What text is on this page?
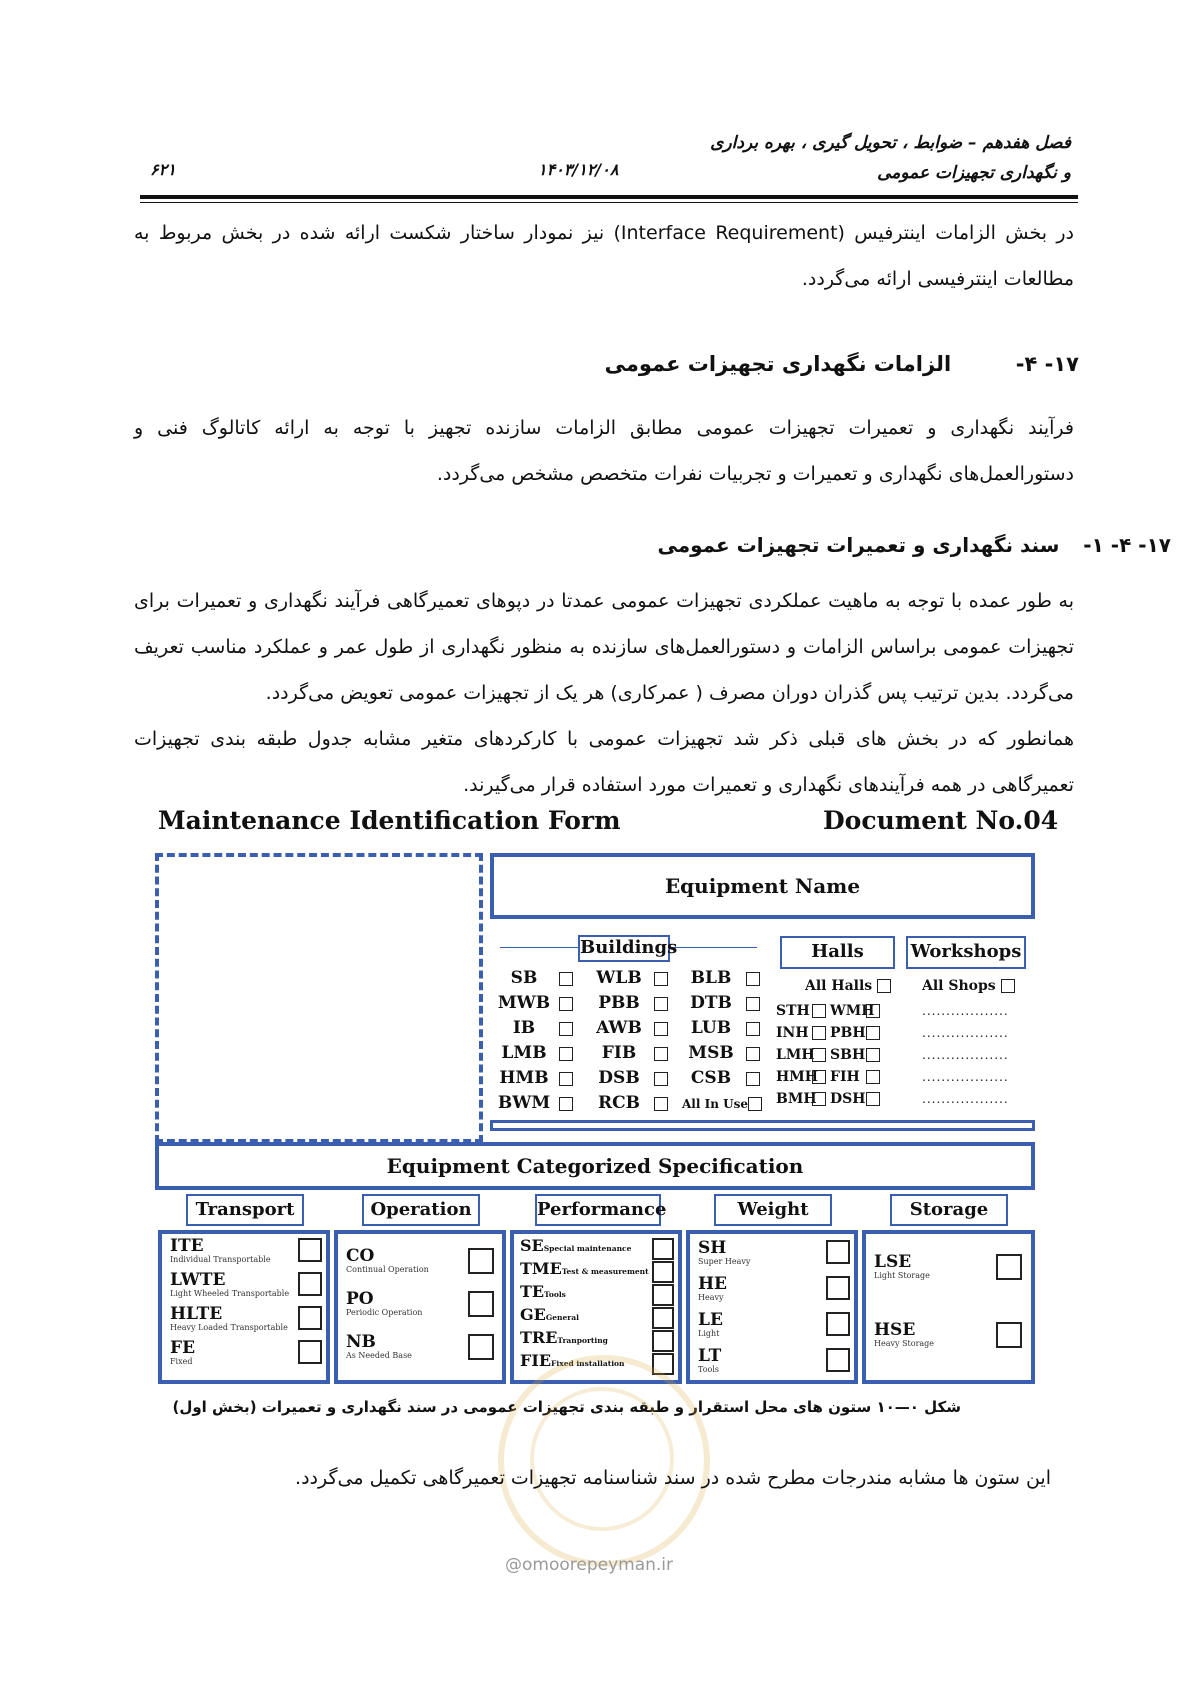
فصل هفدهم – ضوابط ، تحویل گیری ، بهره برداری
و نگهداری تجهیزات عمومی
۱۴۰۳/۱۲/۰۸
۶۲۱
در بخش الزامات اینترفیس (Interface Requirement) نیز نمودار ساختار شکست ارائه شده در بخش مربوط به مطالعات اینترفیسی ارائه می‌گردد.
۱۷- ۴-  الزامات نگهداری تجهیزات عمومی
فرآیند نگهداری و تعمیرات تجهیزات عمومی مطابق الزامات سازنده تجهیز با توجه به ارائه کاتالوگ فنی و دستورالعمل‌های نگهداری و تعمیرات و تجربیات نفرات متخصص مشخص می‌گردد.
۱۷- ۴- ۱-  سند نگهداری و تعمیرات تجهیزات عمومی
به طور عمده با توجه به ماهیت عملکردی تجهیزات عمومی عمدتا در دپوهای تعمیرگاهی فرآیند نگهداری و تعمیرات برای تجهیزات عمومی براساس الزامات و دستورالعمل‌های سازنده به منظور نگهداری از طول عمر و عملکرد مناسب تعریف می‌گردد. بدین ترتیب پس گذران دوران مصرف ( عمرکاری) هر یک از تجهیزات عمومی تعویض می‌گردد.
همانطور که در بخش های قبلی ذکر شد تجهیزات عمومی با کارکردهای متغیر مشابه جدول طبقه بندی تجهیزات تعمیرگاهی در همه فرآیندهای نگهداری و تعمیرات مورد استفاده قرار می‌گیرند.
Maintenance Identification Form	Document No.04
Equipment Name
Buildings	Halls	Workshops
SB	WLB	BLB
MWB	PBB	DTB
IB	AWB	LUB
LMB	FIB	MSB
HMB	DSB	CSB
BWM	RCB	All In Use
All Halls
STH WMH
INH PBH
LMH SBH
HMH FIH
BMH DSH
All Shops
..................
..................
..................
..................
..................
Equipment Categorized Specification
Transport	Operation	Performance	Weight	Storage
ITE
Individual Transportable
LWTE
Light Wheeled Transportable
HLTE
Heavy Loaded Transportable
FE
Fixed
CO
Continual Operation
PO
Periodic Operation
NB
As Needed Base
SESpecial maintenance
TMETest & measurement
TETools
GEGeneral
TRETranporting
FIEFixed installation
SH
Super Heavy
HE
Heavy
LE
Light
LT
Tools
LSE
Light Storage
HSE
Heavy Storage
شکل ۰—۱۰ ستون های محل استقرار و طبقه بندی تجهیزات عمومی در سند نگهداری و تعمیرات (بخش اول)
این ستون ها مشابه مندرجات مطرح شده در سند شناسنامه تجهیزات تعمیرگاهی تکمیل می‌گردد.
@omoorepeyman.ir
